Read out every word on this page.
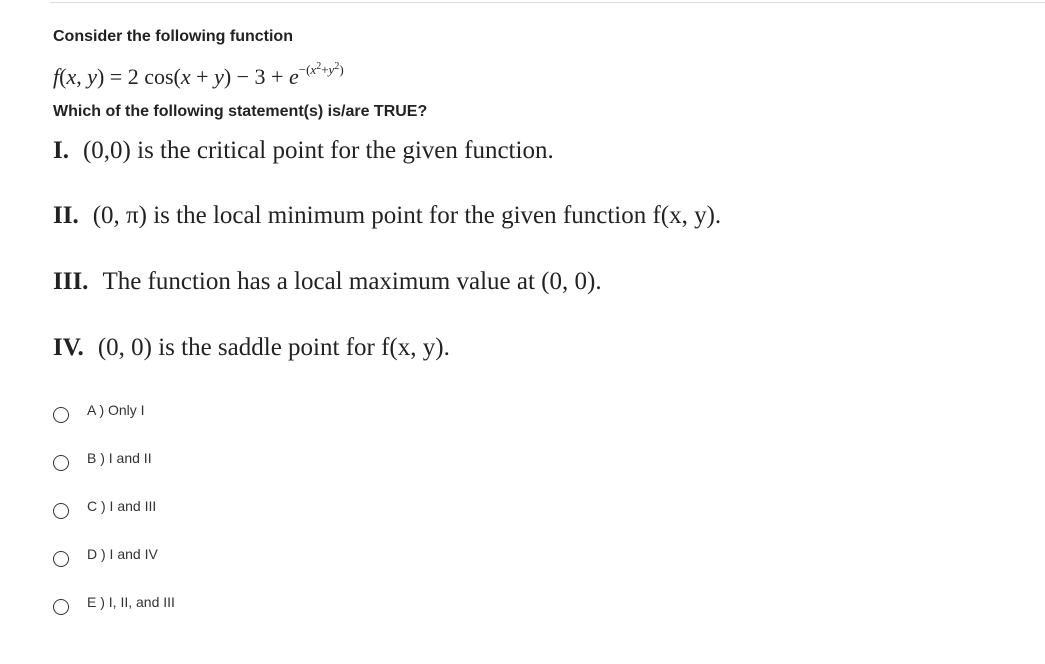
Consider the following function
f(x, y) = 2 $\cos(x + y) - 3 + e^{-(x^2+y^2)}$
Which of the following statement(s) is/are TRUE?
I. (0,0) is the critical point for the given function.
II. (0, π) is the local minimum point for the given function f(x, y).
III. The function has a local maximum value at (0, 0).
IV. (0, 0) is the saddle point for f(x, y).
A ) Only I
B ) I and II
C ) I and III
D ) I and IV
E ) I, II, and III
